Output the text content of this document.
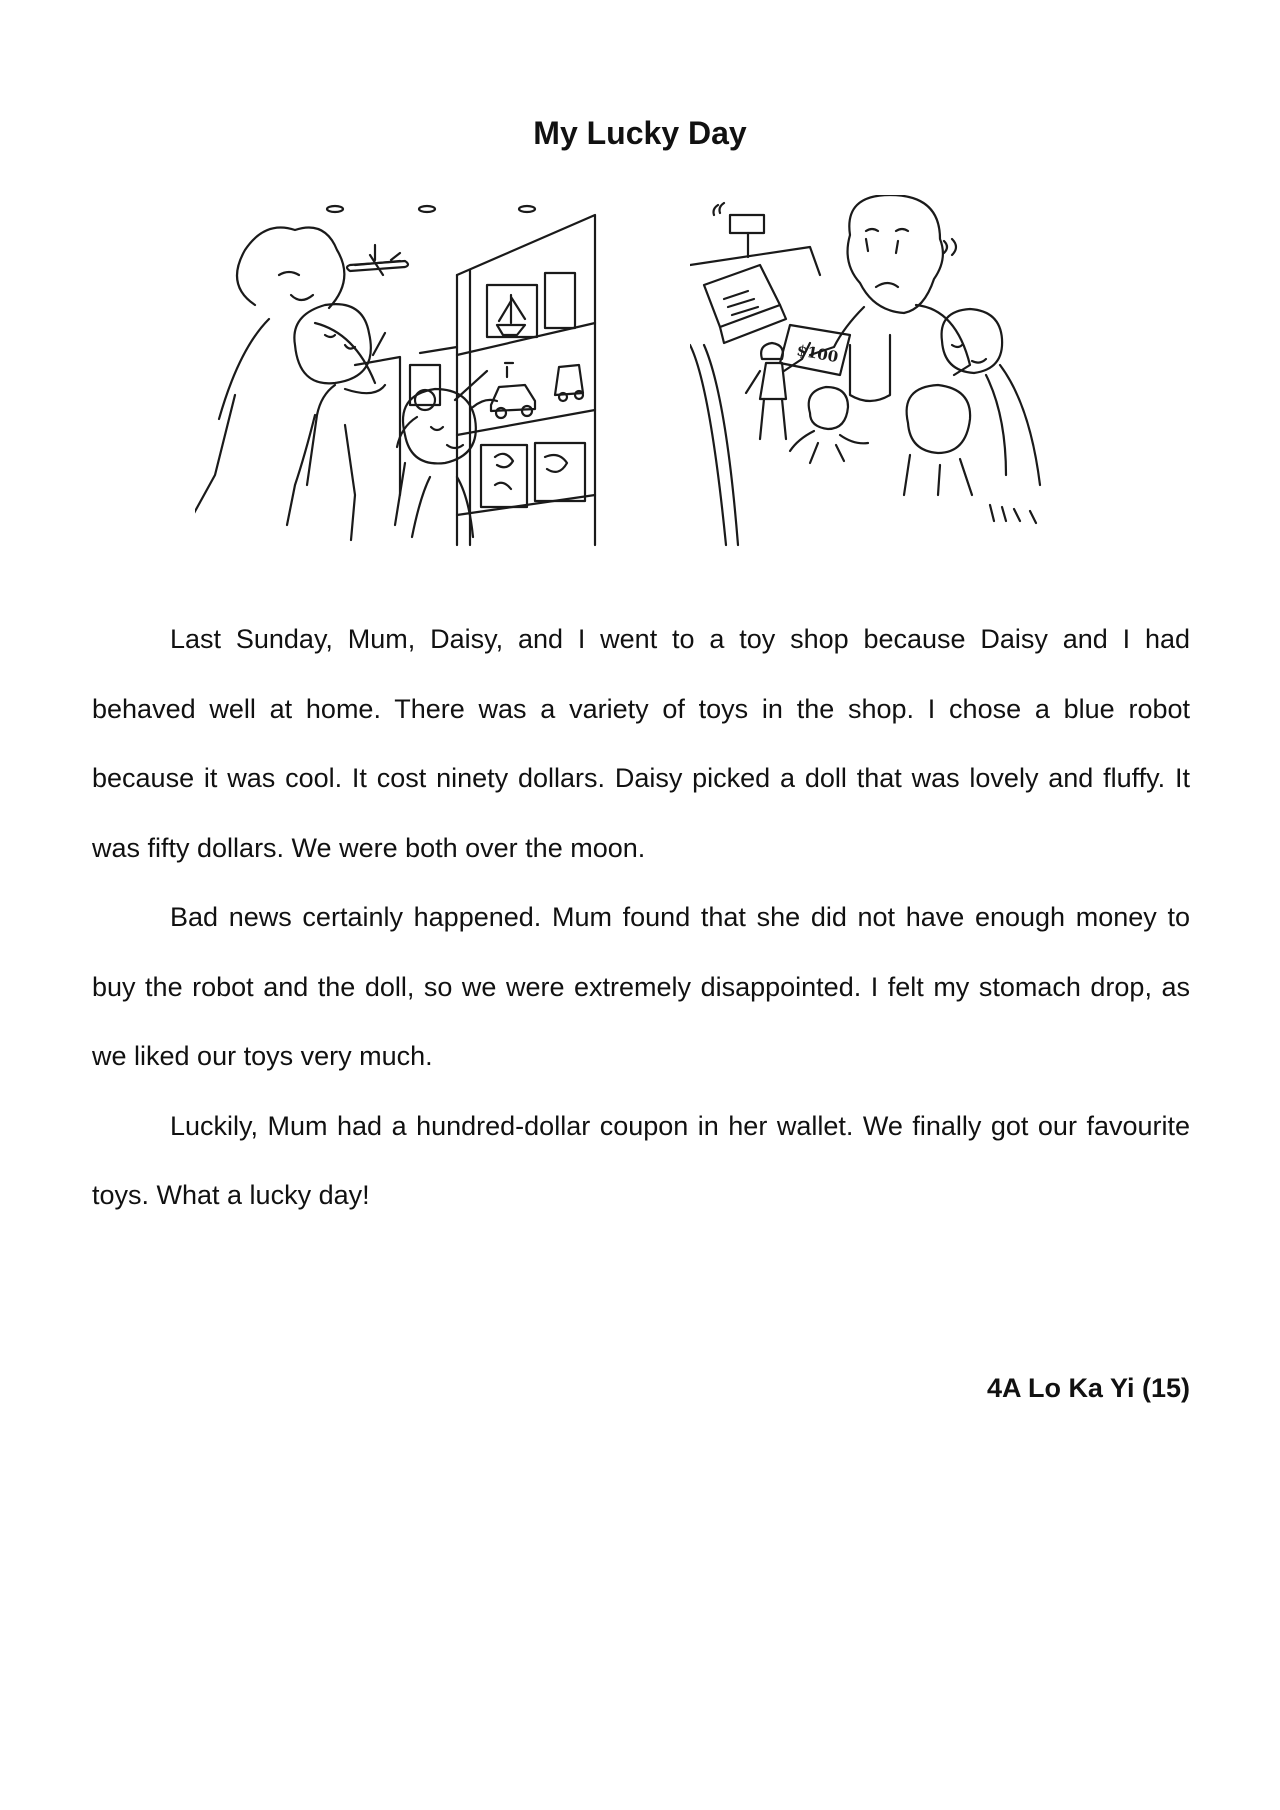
My Lucky Day
$100

Last Sunday, Mum, Daisy, and I went to a toy shop because Daisy and I had behaved well at home. There was a variety of toys in the shop. I chose a blue robot because it was cool. It cost ninety dollars. Daisy picked a doll that was lovely and fluffy. It was fifty dollars. We were both over the moon.

Bad news certainly happened. Mum found that she did not have enough money to buy the robot and the doll, so we were extremely disappointed. I felt my stomach drop, as we liked our toys very much.

Luckily, Mum had a hundred-dollar coupon in her wallet. We finally got our favourite toys. What a lucky day!

4A Lo Ka Yi (15)
